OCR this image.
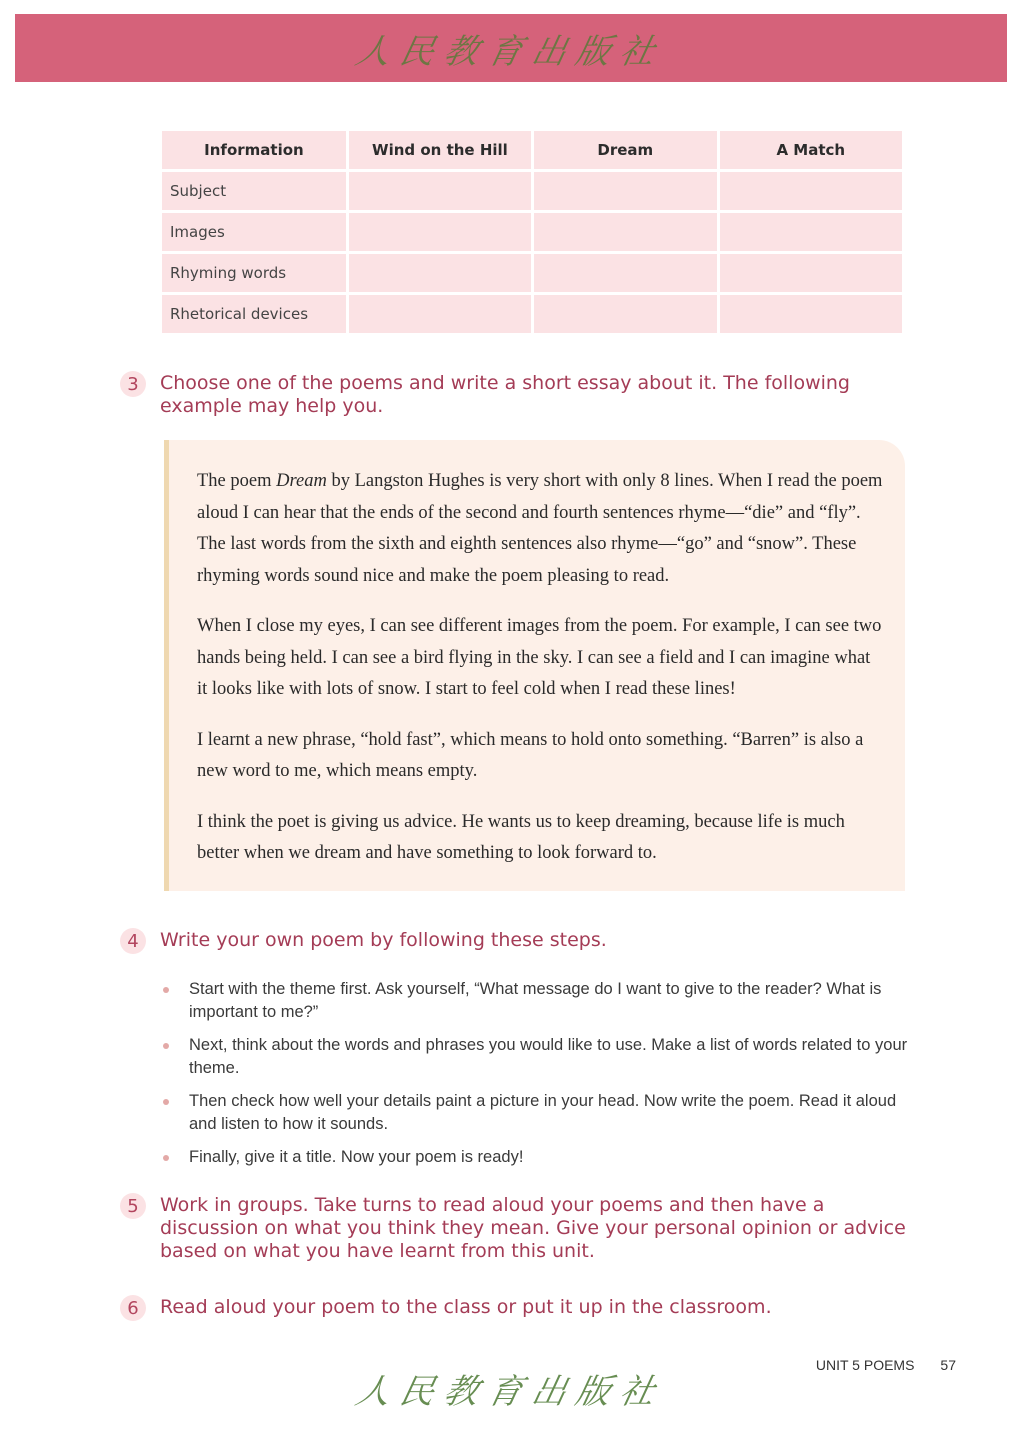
人民教育出版社
Information	Wind on the Hill	Dream	A Match
Subject			
Images			
Rhyming words			
Rhetorical devices			
3	Choose one of the poems and write a short essay about it. The following example may help you.

The poem Dream by Langston Hughes is very short with only 8 lines. When I read the poem aloud I can hear that the ends of the second and fourth sentences rhyme—“die” and “fly”. The last words from the sixth and eighth sentences also rhyme—“go” and “snow”. These rhyming words sound nice and make the poem pleasing to read.

When I close my eyes, I can see different images from the poem. For example, I can see two hands being held. I can see a bird flying in the sky. I can see a field and I can imagine what it looks like with lots of snow. I start to feel cold when I read these lines!

I learnt a new phrase, “hold fast”, which means to hold onto something. “Barren” is also a new word to me, which means empty.

I think the poet is giving us advice. He wants us to keep dreaming, because life is much better when we dream and have something to look forward to.

4	Write your own poem by following these steps.
Start with the theme first. Ask yourself, “What message do I want to give to the reader? What is important to me?”
Next, think about the words and phrases you would like to use. Make a list of words related to your theme.
Then check how well your details paint a picture in your head. Now write the poem. Read it aloud and listen to how it sounds.
Finally, give it a title. Now your poem is ready!
5	Work in groups. Take turns to read aloud your poems and then have a discussion on what you think they mean. Give your personal opinion or advice based on what you have learnt from this unit.
6	Read aloud your poem to the class or put it up in the classroom.
UNIT 5 POEMS 57
人民教育出版社
